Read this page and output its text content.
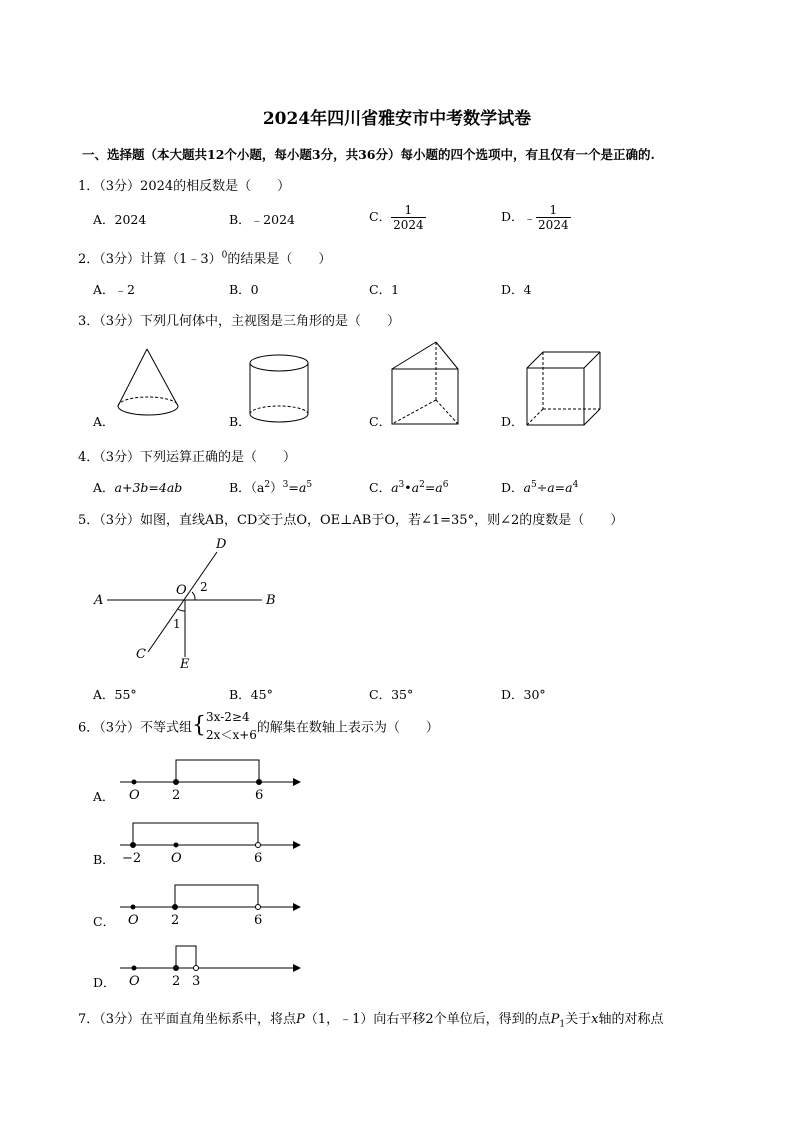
2024年四川省雅安市中考数学试卷
一、选择题（本大题共12个小题，每小题3分，共36分）每小题的四个选项中，有且仅有一个是正确的.
1．（3分）2024的相反数是（　　）
A．2024	B．﹣2024	C． $\frac{1}{2024}$	D．﹣ $\frac{1}{2024}$
2．（3分）计算（1﹣3）$^0$的结果是（　　）
A．﹣2	B．0	C．1	D．4
3．（3分）下列几何体中，主视图是三角形的是（　　）
A．	B．	C．	D．
4．（3分）下列运算正确的是（　　）
A．a+3b=4ab	B．$(a^2)^3=a^5$	C．$a^3•a^2=a^6$	D．$a^5\div a=a^4$
5．（3分）如图，直线AB，CD交于点O，OE⊥AB于O，若∠1=35°，则∠2的度数是（　　）
A	B
C
D
O
E
1
2
A．55°	B．45°	C．35°	D．30°
6．（3分）不等式组{ 3x-2≥4
2x＜x+6 的解集在数轴上表示为（　　）
A．
B．
C．
D．
O 2	6
−2 O	6
O 2	6
O 2 3
7．（3分）在平面直角坐标系中，将点P（1，﹣1）向右平移2个单位后，得到的点$P_1$关于x轴的对称点
